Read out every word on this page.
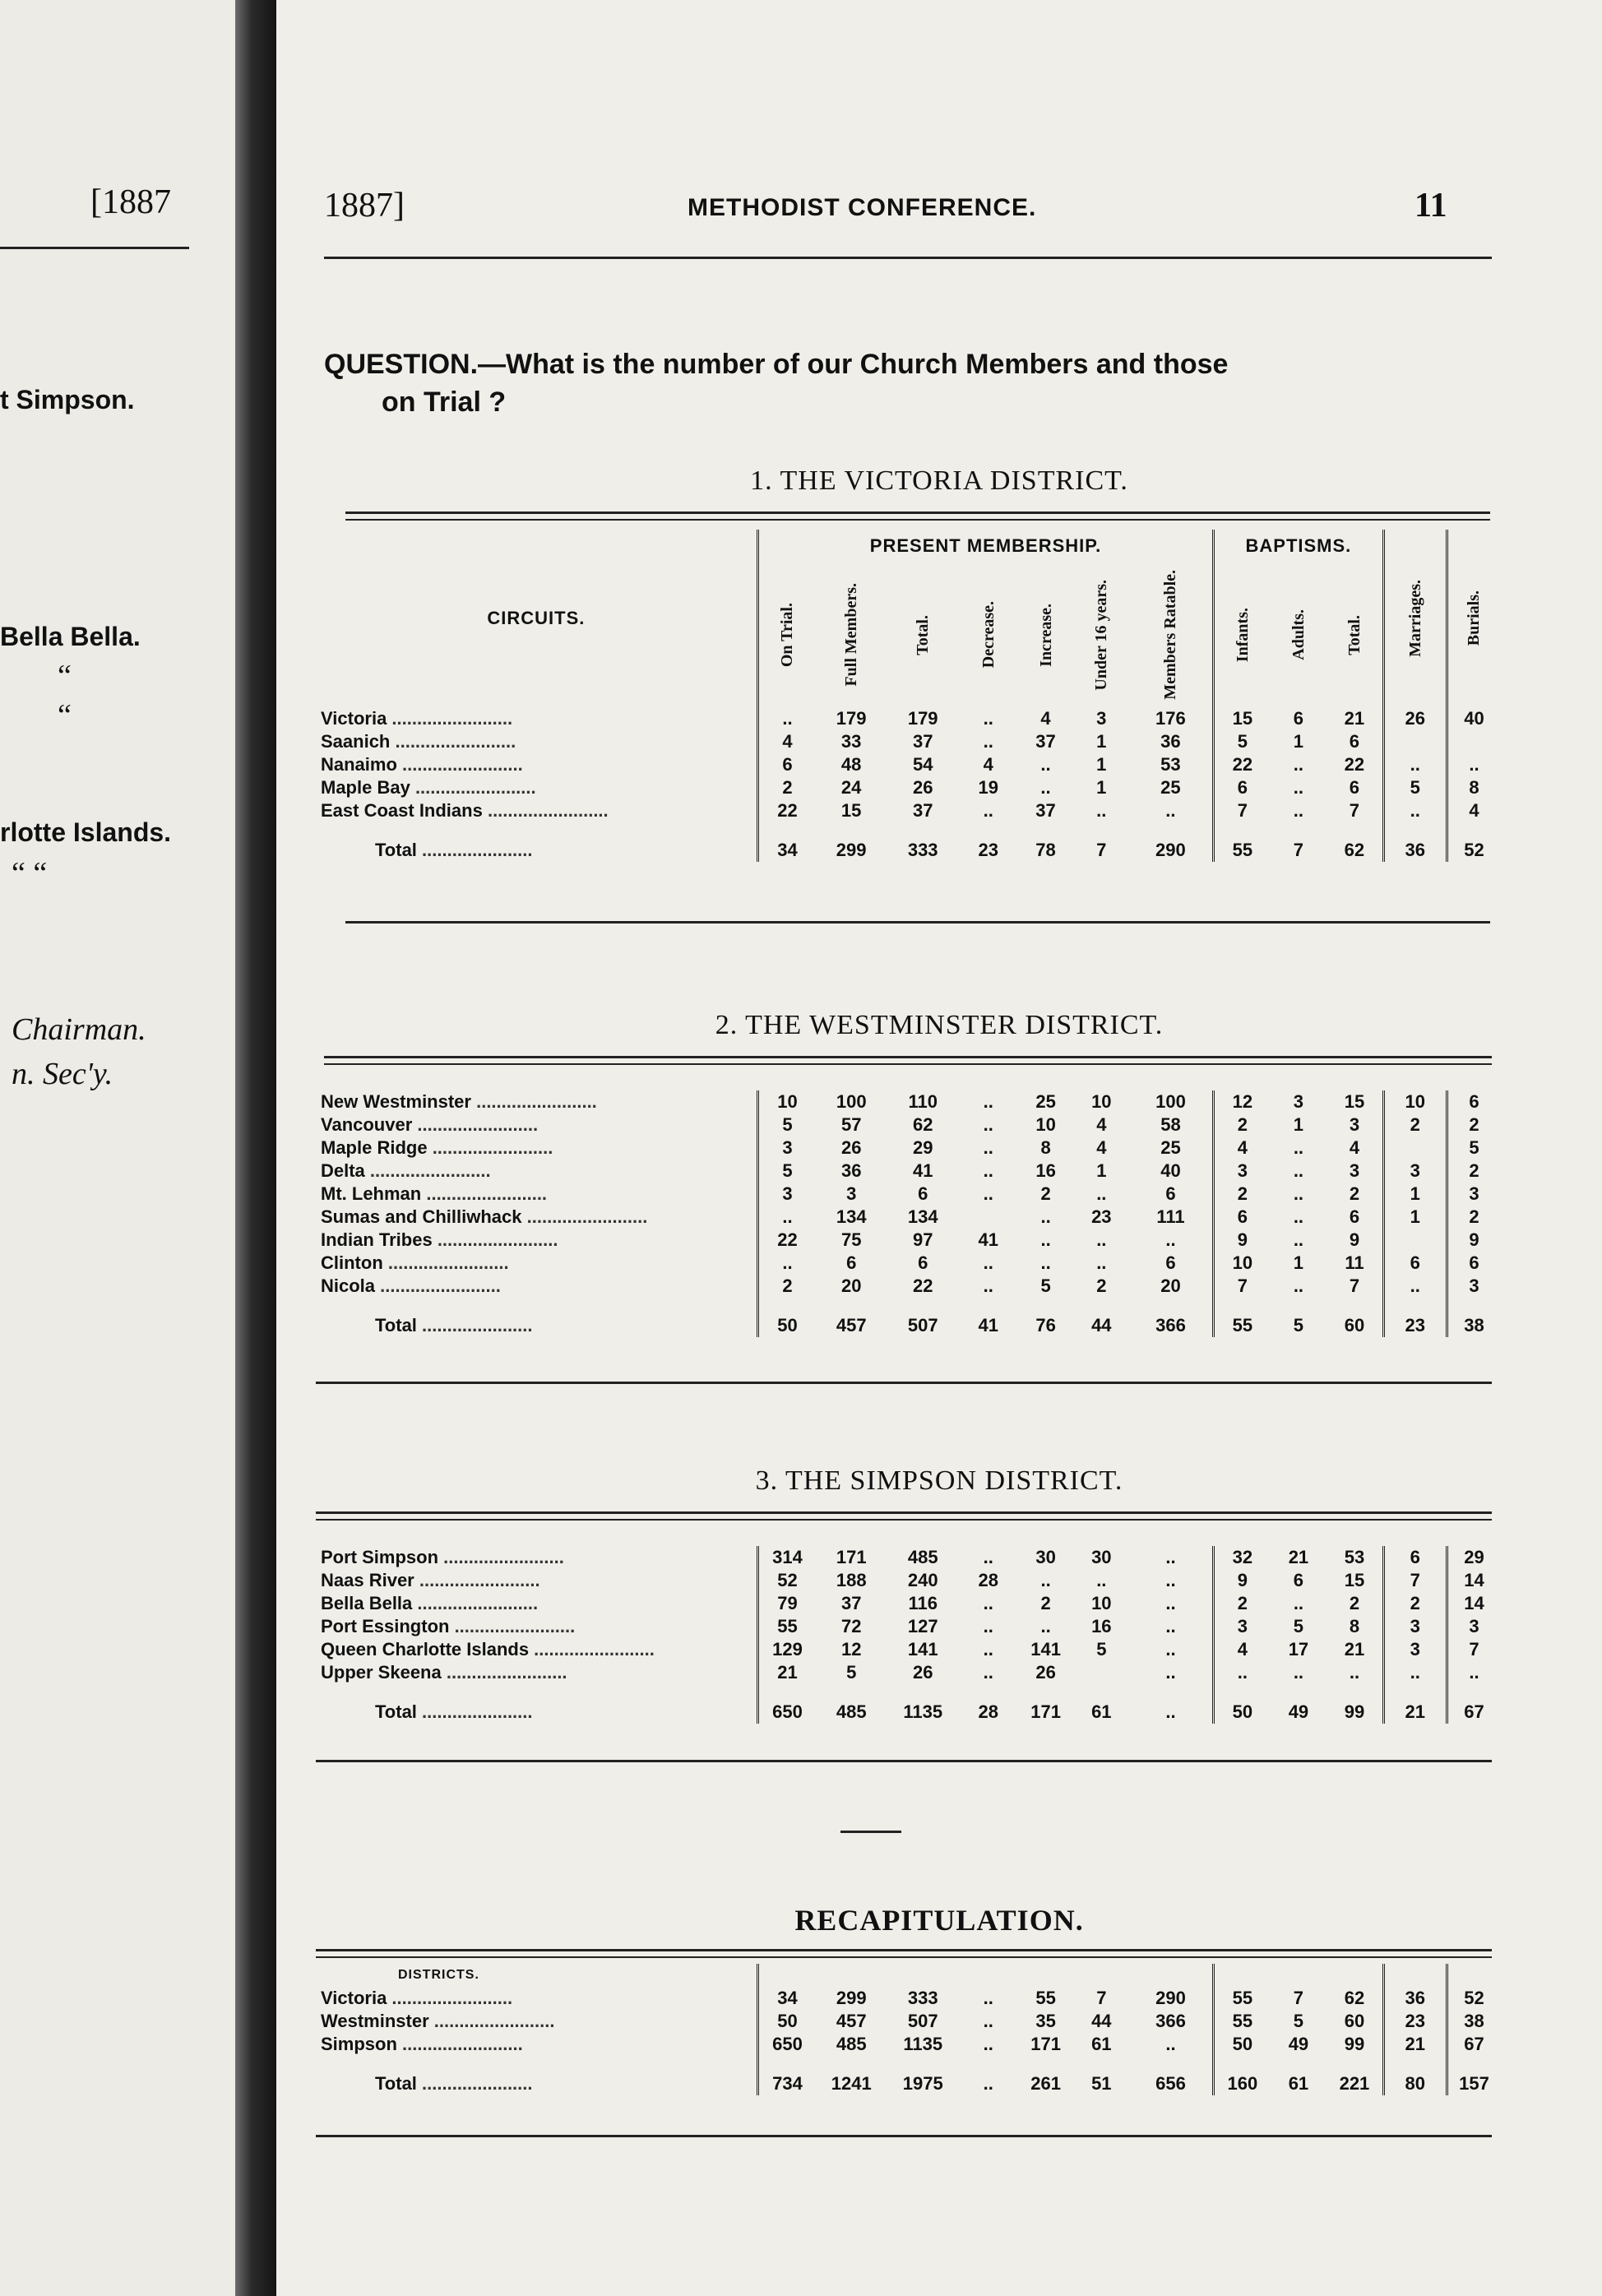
[1887
t Simpson.
Bella Bella.
“
“
rlotte Islands.
“ “
Chairman.
n. Sec'y.
1887]	METHODIST CONFERENCE.	11
QUESTION.—What is the number of our Church Members and those
on Trial ?
1. THE VICTORIA DISTRICT.
CIRCUITS.	PRESENT MEMBERSHIP.							BAPTISMS.			Marriages.	Burials.

	On Trial.	Full Members.	Total.	Decrease.	Increase.	Under 16 years.	Members Ratable.	Infants.	Adults.	Total.		

Victoria ........................	..	179	179	..	4	3	176	15	6	21	26	40
Saanich ........................	4	33	37	..	37	1	36	5	1	6		
Nanaimo ........................	6	48	54	4	..	1	53	22	..	22	..	..
Maple Bay ........................	2	24	26	19	..	1	25	6	..	6	5	8
East Coast Indians ........................	22	15	37	..	37	..	..	7	..	7	..	4
Total ......................	34	299	333	23	78	7	290	55	7	62	36	52
2. THE WESTMINSTER DISTRICT.
New Westminster ........................	10	100	110	..	25	10	100	12	3	15	10	6
Vancouver ........................	5	57	62	..	10	4	58	2	1	3	2	2
Maple Ridge ........................	3	26	29	..	8	4	25	4	..	4		5
Delta ........................	5	36	41	..	16	1	40	3	..	3	3	2
Mt. Lehman ........................	3	3	6	..	2	..	6	2	..	2	1	3
Sumas and Chilliwhack ........................	..	134	134		..	23	111	6	..	6	1	2
Indian Tribes ........................	22	75	97	41	..	..	..	9	..	9		9
Clinton ........................	..	6	6	..	..	..	6	10	1	11	6	6
Nicola ........................	2	20	22	..	5	2	20	7	..	7	..	3
Total ......................	50	457	507	41	76	44	366	55	5	60	23	38
3. THE SIMPSON DISTRICT.
Port Simpson ........................	314	171	485	..	30	30	..	32	21	53	6	29
Naas River ........................	52	188	240	28	..	..	..	9	6	15	7	14
Bella Bella ........................	79	37	116	..	2	10	..	2	..	2	2	14
Port Essington ........................	55	72	127	..	..	16	..	3	5	8	3	3
Queen Charlotte Islands ........................	129	12	141	..	141	5	..	4	17	21	3	7
Upper Skeena ........................	21	5	26	..	26		..	..	..	..	..	..
Total ......................	650	485	1135	28	171	61	..	50	49	99	21	67
RECAPITULATION.
DISTRICTS.												
Victoria ........................	34	299	333	..	55	7	290	55	7	62	36	52
Westminster ........................	50	457	507	..	35	44	366	55	5	60	23	38
Simpson ........................	650	485	1135	..	171	61	..	50	49	99	21	67
Total ......................	734	1241	1975	..	261	51	656	160	61	221	80	157
